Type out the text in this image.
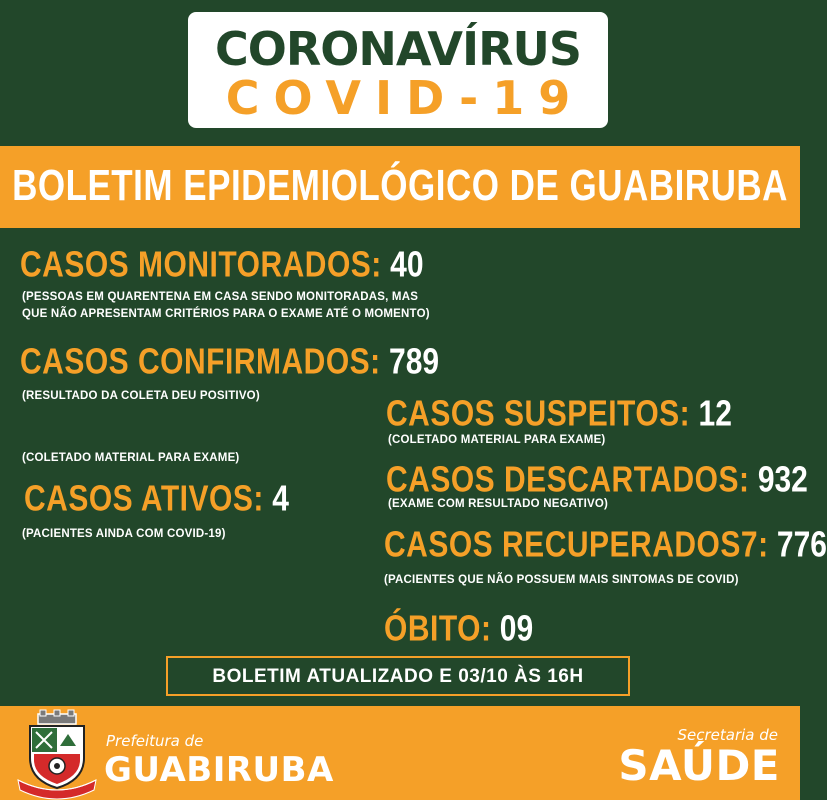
CORONAVÍRUS
COVID-19
BOLETIM EPIDEMIOLÓGICO DE GUABIRUBA
CASOS MONITORADOS: 40
(PESSOAS EM QUARENTENA EM CASA SENDO MONITORADAS, MAS
QUE NÃO APRESENTAM CRITÉRIOS PARA O EXAME ATÉ O MOMENTO)
CASOS CONFIRMADOS: 789
(RESULTADO DA COLETA DEU POSITIVO)
(COLETADO MATERIAL PARA EXAME)
CASOS ATIVOS: 4
(PACIENTES AINDA COM COVID-19)
CASOS SUSPEITOS: 12
(COLETADO MATERIAL PARA EXAME)
CASOS DESCARTADOS: 932
(EXAME COM RESULTADO NEGATIVO)
CASOS RECUPERADOS7: 776
(PACIENTES QUE NÃO POSSUEM MAIS SINTOMAS DE COVID)
ÓBITO: 09
BOLETIM ATUALIZADO E 03/10 ÀS 16H
Prefeitura de
GUABIRUBA
Secretaria de
SAÚDE
